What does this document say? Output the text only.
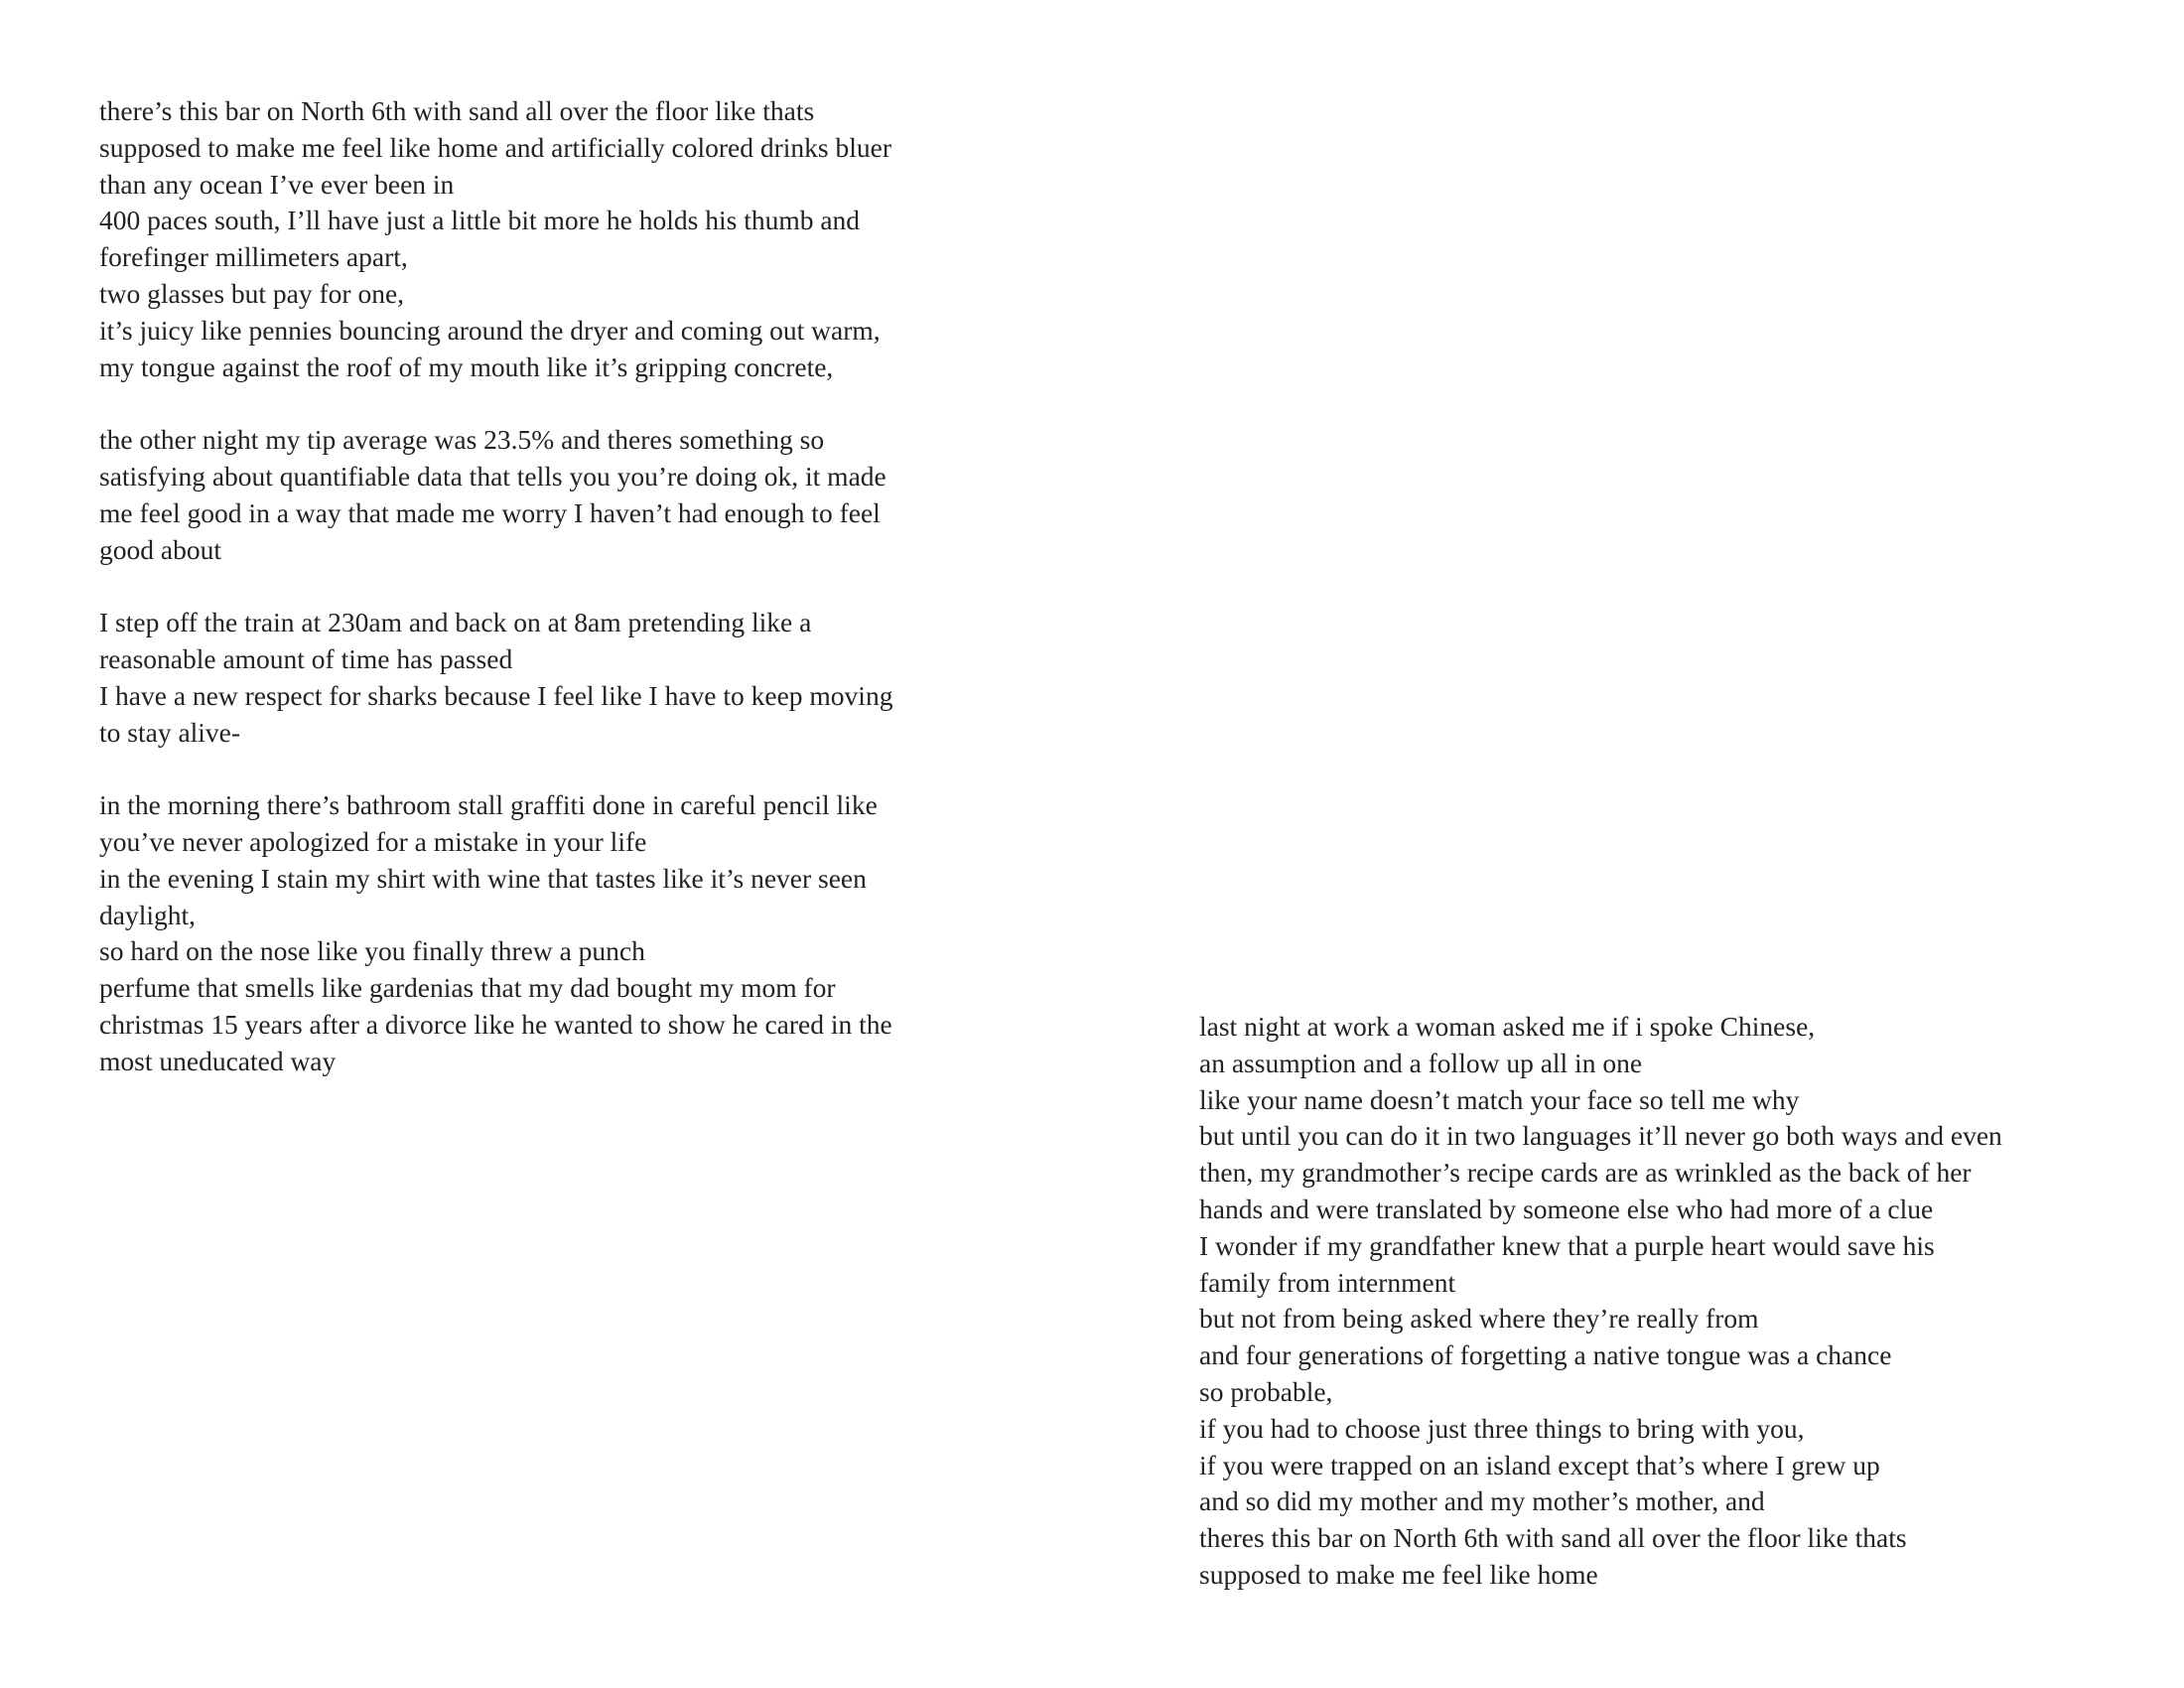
there’s this bar on North 6th with sand all over the floor like thats
supposed to make me feel like home and artificially colored drinks bluer
than any ocean I’ve ever been in
400 paces south, I’ll have just a little bit more he holds his thumb and
forefinger millimeters apart,
two glasses but pay for one,
it’s juicy like pennies bouncing around the dryer and coming out warm,
my tongue against the roof of my mouth like it’s gripping concrete,
the other night my tip average was 23.5% and theres something so
satisfying about quantifiable data that tells you you’re doing ok, it made
me feel good in a way that made me worry I haven’t had enough to feel
good about
I step off the train at 230am and back on at 8am pretending like a
reasonable amount of time has passed
I have a new respect for sharks because I feel like I have to keep moving
to stay alive-
in the morning there’s bathroom stall graffiti done in careful pencil like
you’ve never apologized for a mistake in your life
in the evening I stain my shirt with wine that tastes like it’s never seen
daylight,
so hard on the nose like you finally threw a punch
perfume that smells like gardenias that my dad bought my mom for
christmas 15 years after a divorce like he wanted to show he cared in the
most uneducated way
last night at work a woman asked me if i spoke Chinese,
an assumption and a follow up all in one
like your name doesn’t match your face so tell me why
but until you can do it in two languages it’ll never go both ways and even
then, my grandmother’s recipe cards are as wrinkled as the back of her
hands and were translated by someone else who had more of a clue
I wonder if my grandfather knew that a purple heart would save his
family from internment
but not from being asked where they’re really from
and four generations of forgetting a native tongue was a chance
so probable,
if you had to choose just three things to bring with you,
if you were trapped on an island except that’s where I grew up
and so did my mother and my mother’s mother, and
theres this bar on North 6th with sand all over the floor like thats
supposed to make me feel like home
